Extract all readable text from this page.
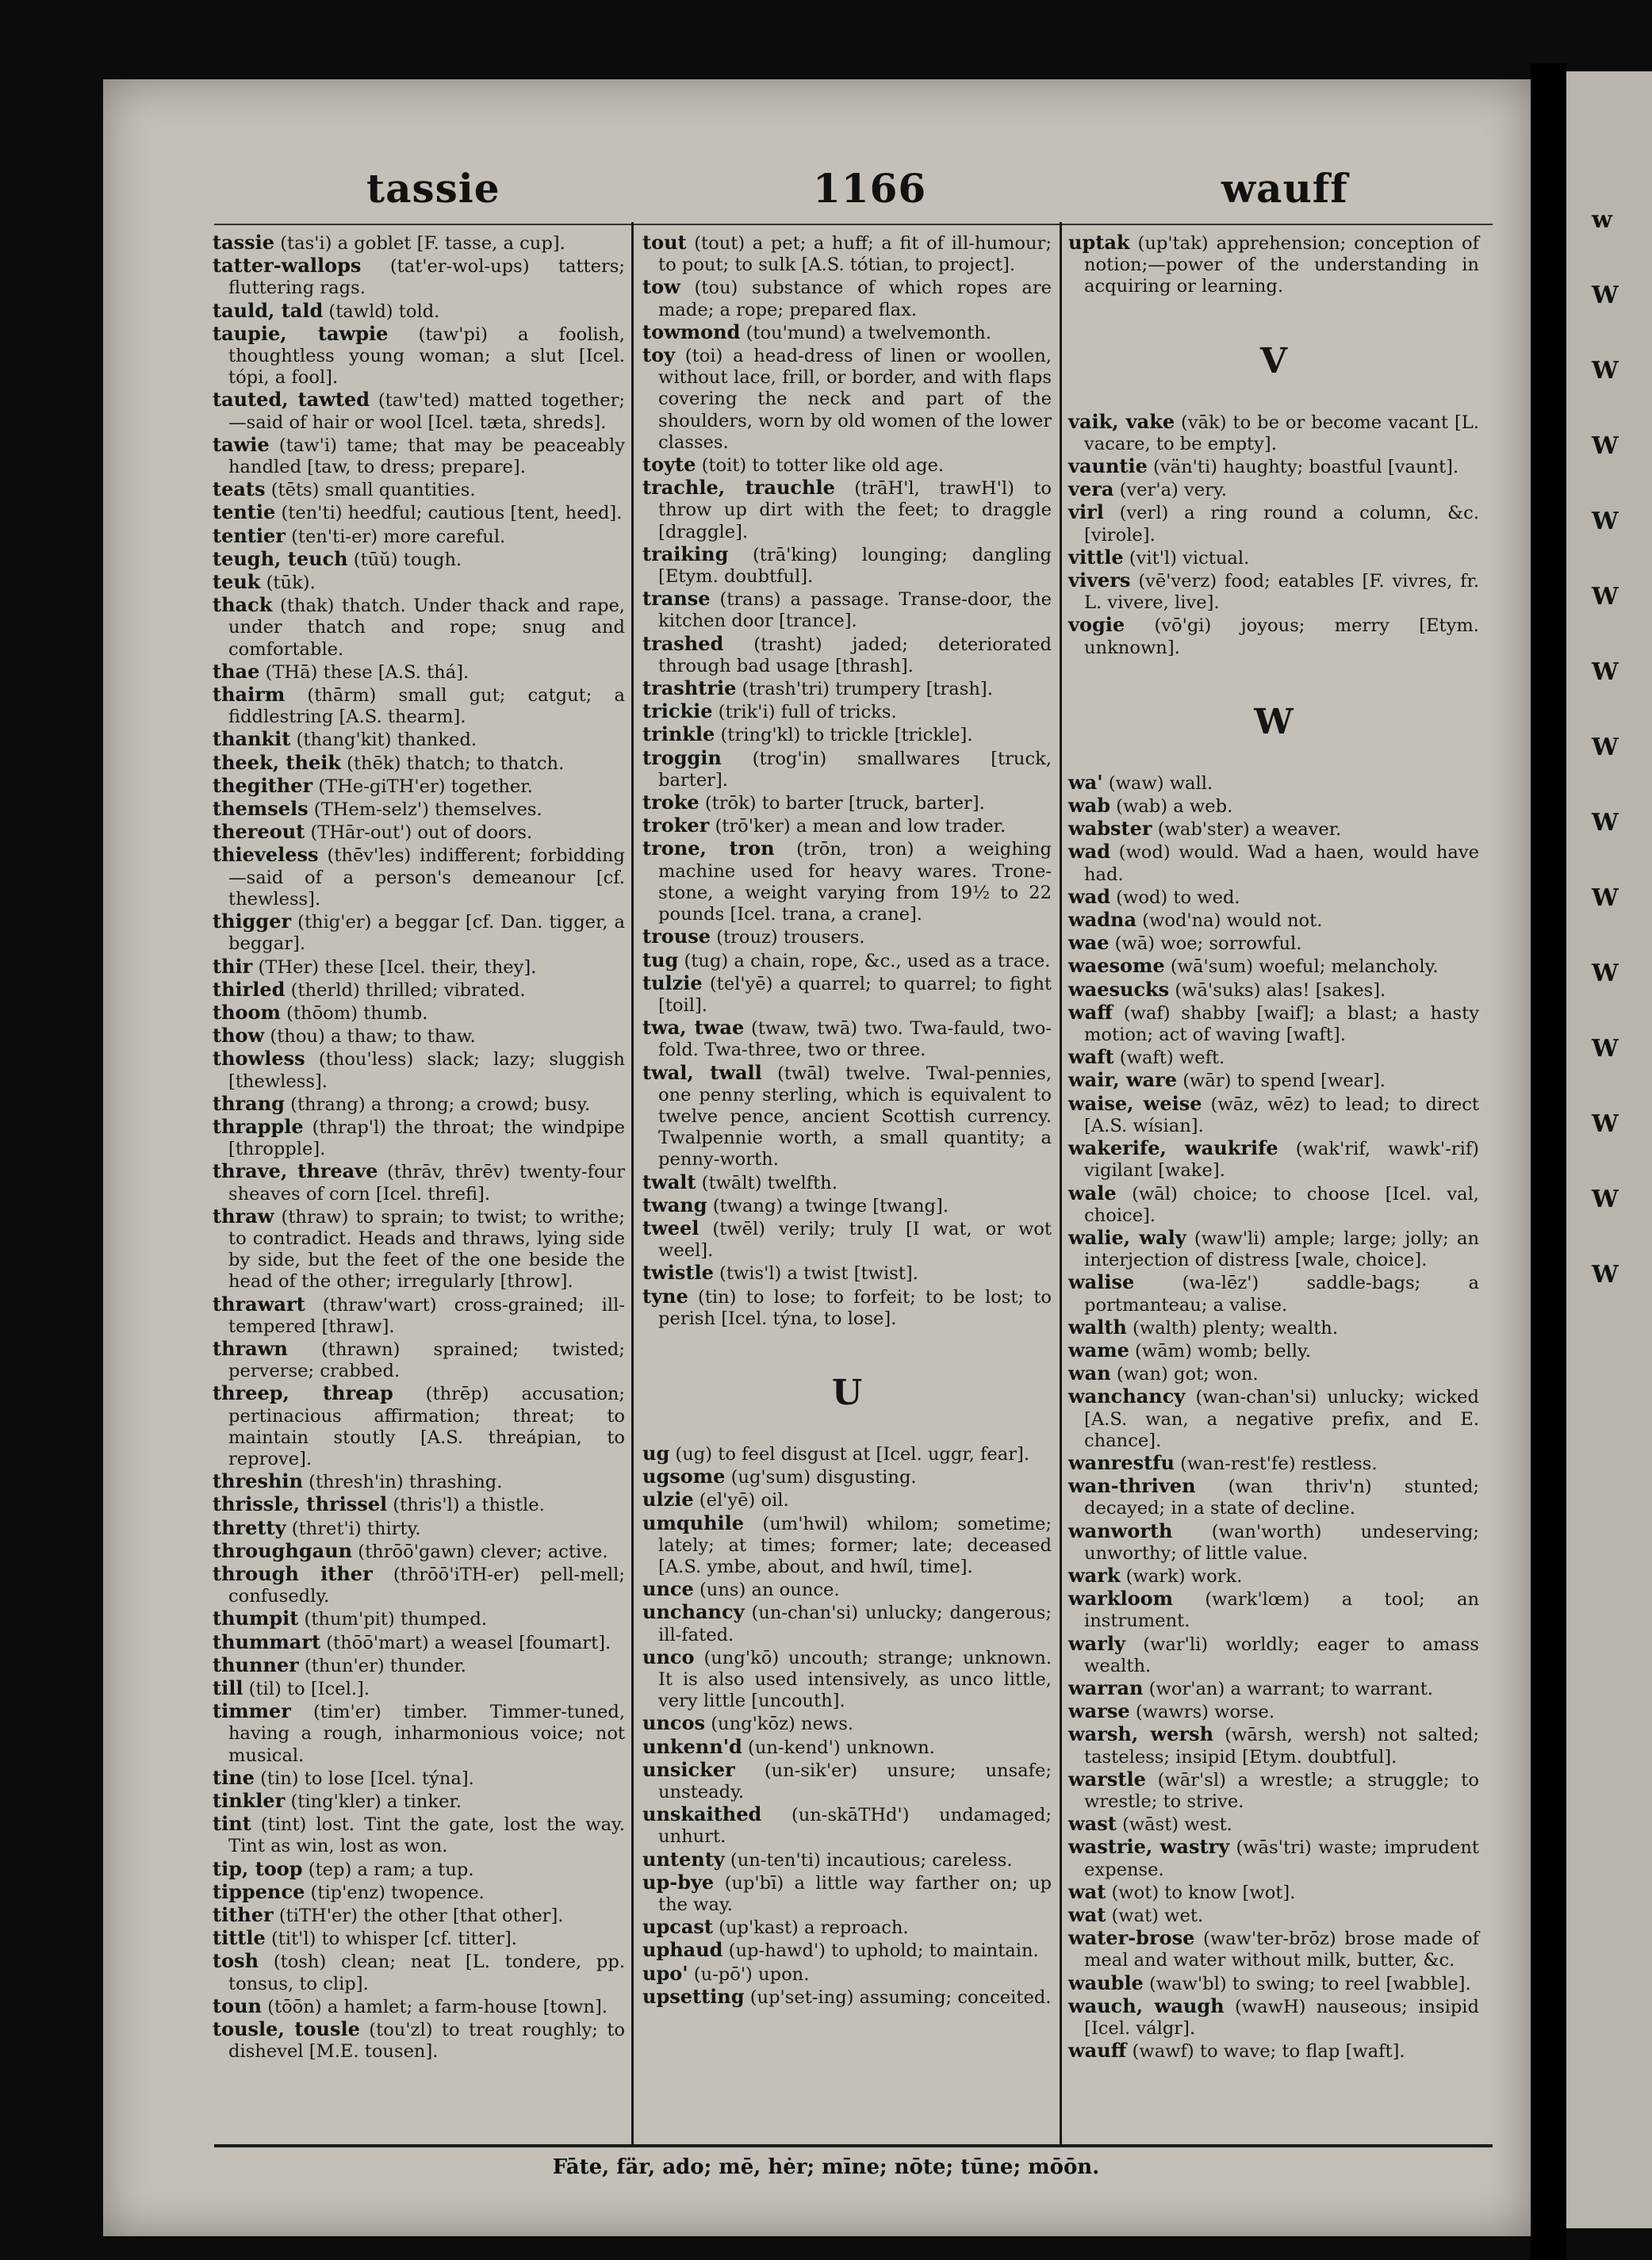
w
W
W
W
W
W
W
W
W
W
W
W
W
W
W
tassie	1166	wauff
tassie (tas'i) a goblet [F. tasse, a cup].
tatter-wallops (tat'er-wol-ups) tatters; fluttering rags.
tauld, tald (tawld) told.
taupie, tawpie (taw'pi) a foolish, thoughtless young woman; a slut [Icel. tópi, a fool].
tauted, tawted (taw'ted) matted together;—said of hair or wool [Icel. tæta, shreds].
tawie (taw'i) tame; that may be peaceably handled [taw, to dress; prepare].
teats (tēts) small quantities.
tentie (ten'ti) heedful; cautious [tent, heed].
tentier (ten'ti-er) more careful.
teugh, teuch (tūŭ) tough.
teuk (tūk).
thack (thak) thatch. Under thack and rape, under thatch and rope; snug and comfortable.
thae (THā) these [A.S. thá].
thairm (thārm) small gut; catgut; a fiddlestring [A.S. thearm].
thankit (thang'kit) thanked.
theek, theik (thēk) thatch; to thatch.
thegither (THe-giTH'er) together.
themsels (THem-selz') themselves.
thereout (THār-out') out of doors.
thieveless (thēv'les) indifferent; forbidding—said of a person's demeanour [cf. thewless].
thigger (thig'er) a beggar [cf. Dan. tigger, a beggar].
thir (THer) these [Icel. their, they].
thirled (therld) thrilled; vibrated.
thoom (thōom) thumb.
thow (thou) a thaw; to thaw.
thowless (thou'less) slack; lazy; sluggish [thewless].
thrang (thrang) a throng; a crowd; busy.
thrapple (thrap'l) the throat; the windpipe [thropple].
thrave, threave (thrāv, thrēv) twenty-four sheaves of corn [Icel. threfi].
thraw (thraw) to sprain; to twist; to writhe; to contradict. Heads and thraws, lying side by side, but the feet of the one beside the head of the other; irregularly [throw].
thrawart (thraw'wart) cross-grained; ill-tempered [thraw].
thrawn (thrawn) sprained; twisted; perverse; crabbed.
threep, threap (thrēp) accusation; pertinacious affirmation; threat; to maintain stoutly [A.S. threápian, to reprove].
threshin (thresh'in) thrashing.
thrissle, thrissel (thris'l) a thistle.
thretty (thret'i) thirty.
throughgaun (thrōō'gawn) clever; active.
through ither (thrōō'iTH-er) pell-mell; confusedly.
thumpit (thum'pit) thumped.
thummart (thōō'mart) a weasel [foumart].
thunner (thun'er) thunder.
till (til) to [Icel.].
timmer (tim'er) timber. Timmer-tuned, having a rough, inharmonious voice; not musical.
tine (tin) to lose [Icel. týna].
tinkler (ting'kler) a tinker.
tint (tint) lost. Tint the gate, lost the way. Tint as win, lost as won.
tip, toop (tep) a ram; a tup.
tippence (tip'enz) twopence.
tither (tiTH'er) the other [that other].
tittle (tit'l) to whisper [cf. titter].
tosh (tosh) clean; neat [L. tondere, pp. tonsus, to clip].
toun (tōōn) a hamlet; a farm-house [town].
tousle, tousle (tou'zl) to treat roughly; to dishevel [M.E. tousen].
tout (tout) a pet; a huff; a fit of ill-humour; to pout; to sulk [A.S. tótian, to project].
tow (tou) substance of which ropes are made; a rope; prepared flax.
towmond (tou'mund) a twelvemonth.
toy (toi) a head-dress of linen or woollen, without lace, frill, or border, and with flaps covering the neck and part of the shoulders, worn by old women of the lower classes.
toyte (toit) to totter like old age.
trachle, trauchle (trāH'l, trawH'l) to throw up dirt with the feet; to draggle [draggle].
traiking (trā'king) lounging; dangling [Etym. doubtful].
transe (trans) a passage. Transe-door, the kitchen door [trance].
trashed (trasht) jaded; deteriorated through bad usage [thrash].
trashtrie (trash'tri) trumpery [trash].
trickie (trik'i) full of tricks.
trinkle (tring'kl) to trickle [trickle].
troggin (trog'in) smallwares [truck, barter].
troke (trōk) to barter [truck, barter].
troker (trō'ker) a mean and low trader.
trone, tron (trōn, tron) a weighing machine used for heavy wares. Trone-stone, a weight varying from 19½ to 22 pounds [Icel. trana, a crane].
trouse (trouz) trousers.
tug (tug) a chain, rope, &c., used as a trace.
tulzie (tel'yē) a quarrel; to quarrel; to fight [toil].
twa, twae (twaw, twā) two. Twa-fauld, two-fold. Twa-three, two or three.
twal, twall (twāl) twelve. Twal-pennies, one penny sterling, which is equivalent to twelve pence, ancient Scottish currency. Twalpennie worth, a small quantity; a penny-worth.
twalt (twālt) twelfth.
twang (twang) a twinge [twang].
tweel (twēl) verily; truly [I wat, or wot weel].
twistle (twis'l) a twist [twist].
tyne (tin) to lose; to forfeit; to be lost; to perish [Icel. týna, to lose].
U
ug (ug) to feel disgust at [Icel. uggr, fear].
ugsome (ug'sum) disgusting.
ulzie (el'yē) oil.
umquhile (um'hwil) whilom; sometime; lately; at times; former; late; deceased [A.S. ymbe, about, and hwíl, time].
unce (uns) an ounce.
unchancy (un-chan'si) unlucky; dangerous; ill-fated.
unco (ung'kō) uncouth; strange; unknown. It is also used intensively, as unco little, very little [uncouth].
uncos (ung'kōz) news.
unkenn'd (un-kend') unknown.
unsicker (un-sik'er) unsure; unsafe; unsteady.
unskaithed (un-skāTHd') undamaged; unhurt.
untenty (un-ten'ti) incautious; careless.
up-bye (up'bī) a little way farther on; up the way.
upcast (up'kast) a reproach.
uphaud (up-hawd') to uphold; to maintain.
upo' (u-pō') upon.
upsetting (up'set-ing) assuming; conceited.
uptak (up'tak) apprehension; conception of notion;—power of the understanding in acquiring or learning.
V
vaik, vake (vāk) to be or become vacant [L. vacare, to be empty].
vauntie (vän'ti) haughty; boastful [vaunt].
vera (ver'a) very.
virl (verl) a ring round a column, &c. [virole].
vittle (vit'l) victual.
vivers (vē'verz) food; eatables [F. vivres, fr. L. vivere, live].
vogie (vō'gi) joyous; merry [Etym. unknown].
W
wa' (waw) wall.
wab (wab) a web.
wabster (wab'ster) a weaver.
wad (wod) would. Wad a haen, would have had.
wad (wod) to wed.
wadna (wod'na) would not.
wae (wā) woe; sorrowful.
waesome (wā'sum) woeful; melancholy.
waesucks (wā'suks) alas! [sakes].
waff (waf) shabby [waif]; a blast; a hasty motion; act of waving [waft].
waft (waft) weft.
wair, ware (wār) to spend [wear].
waise, weise (wāz, wēz) to lead; to direct [A.S. wísian].
wakerife, waukrife (wak'rif, wawk'-rif) vigilant [wake].
wale (wāl) choice; to choose [Icel. val, choice].
walie, waly (waw'li) ample; large; jolly; an interjection of distress [wale, choice].
walise (wa-lēz') saddle-bags; a portmanteau; a valise.
walth (walth) plenty; wealth.
wame (wām) womb; belly.
wan (wan) got; won.
wanchancy (wan-chan'si) unlucky; wicked [A.S. wan, a negative prefix, and E. chance].
wanrestfu (wan-rest'fe) restless.
wan-thriven (wan thriv'n) stunted; decayed; in a state of decline.
wanworth (wan'worth) undeserving; unworthy; of little value.
wark (wark) work.
warkloom (wark'lœm) a tool; an instrument.
warly (war'li) worldly; eager to amass wealth.
warran (wor'an) a warrant; to warrant.
warse (wawrs) worse.
warsh, wersh (wārsh, wersh) not salted; tasteless; insipid [Etym. doubtful].
warstle (wār'sl) a wrestle; a struggle; to wrestle; to strive.
wast (wāst) west.
wastrie, wastry (wās'tri) waste; imprudent expense.
wat (wot) to know [wot].
wat (wat) wet.
water-brose (waw'ter-brōz) brose made of meal and water without milk, butter, &c.
wauble (waw'bl) to swing; to reel [wabble].
wauch, waugh (wawH) nauseous; insipid [Icel. válgr].
wauff (wawf) to wave; to flap [waft].
Fāte, fär, ado; mē, hėr; mīne; nōte; tūne; mōōn.
